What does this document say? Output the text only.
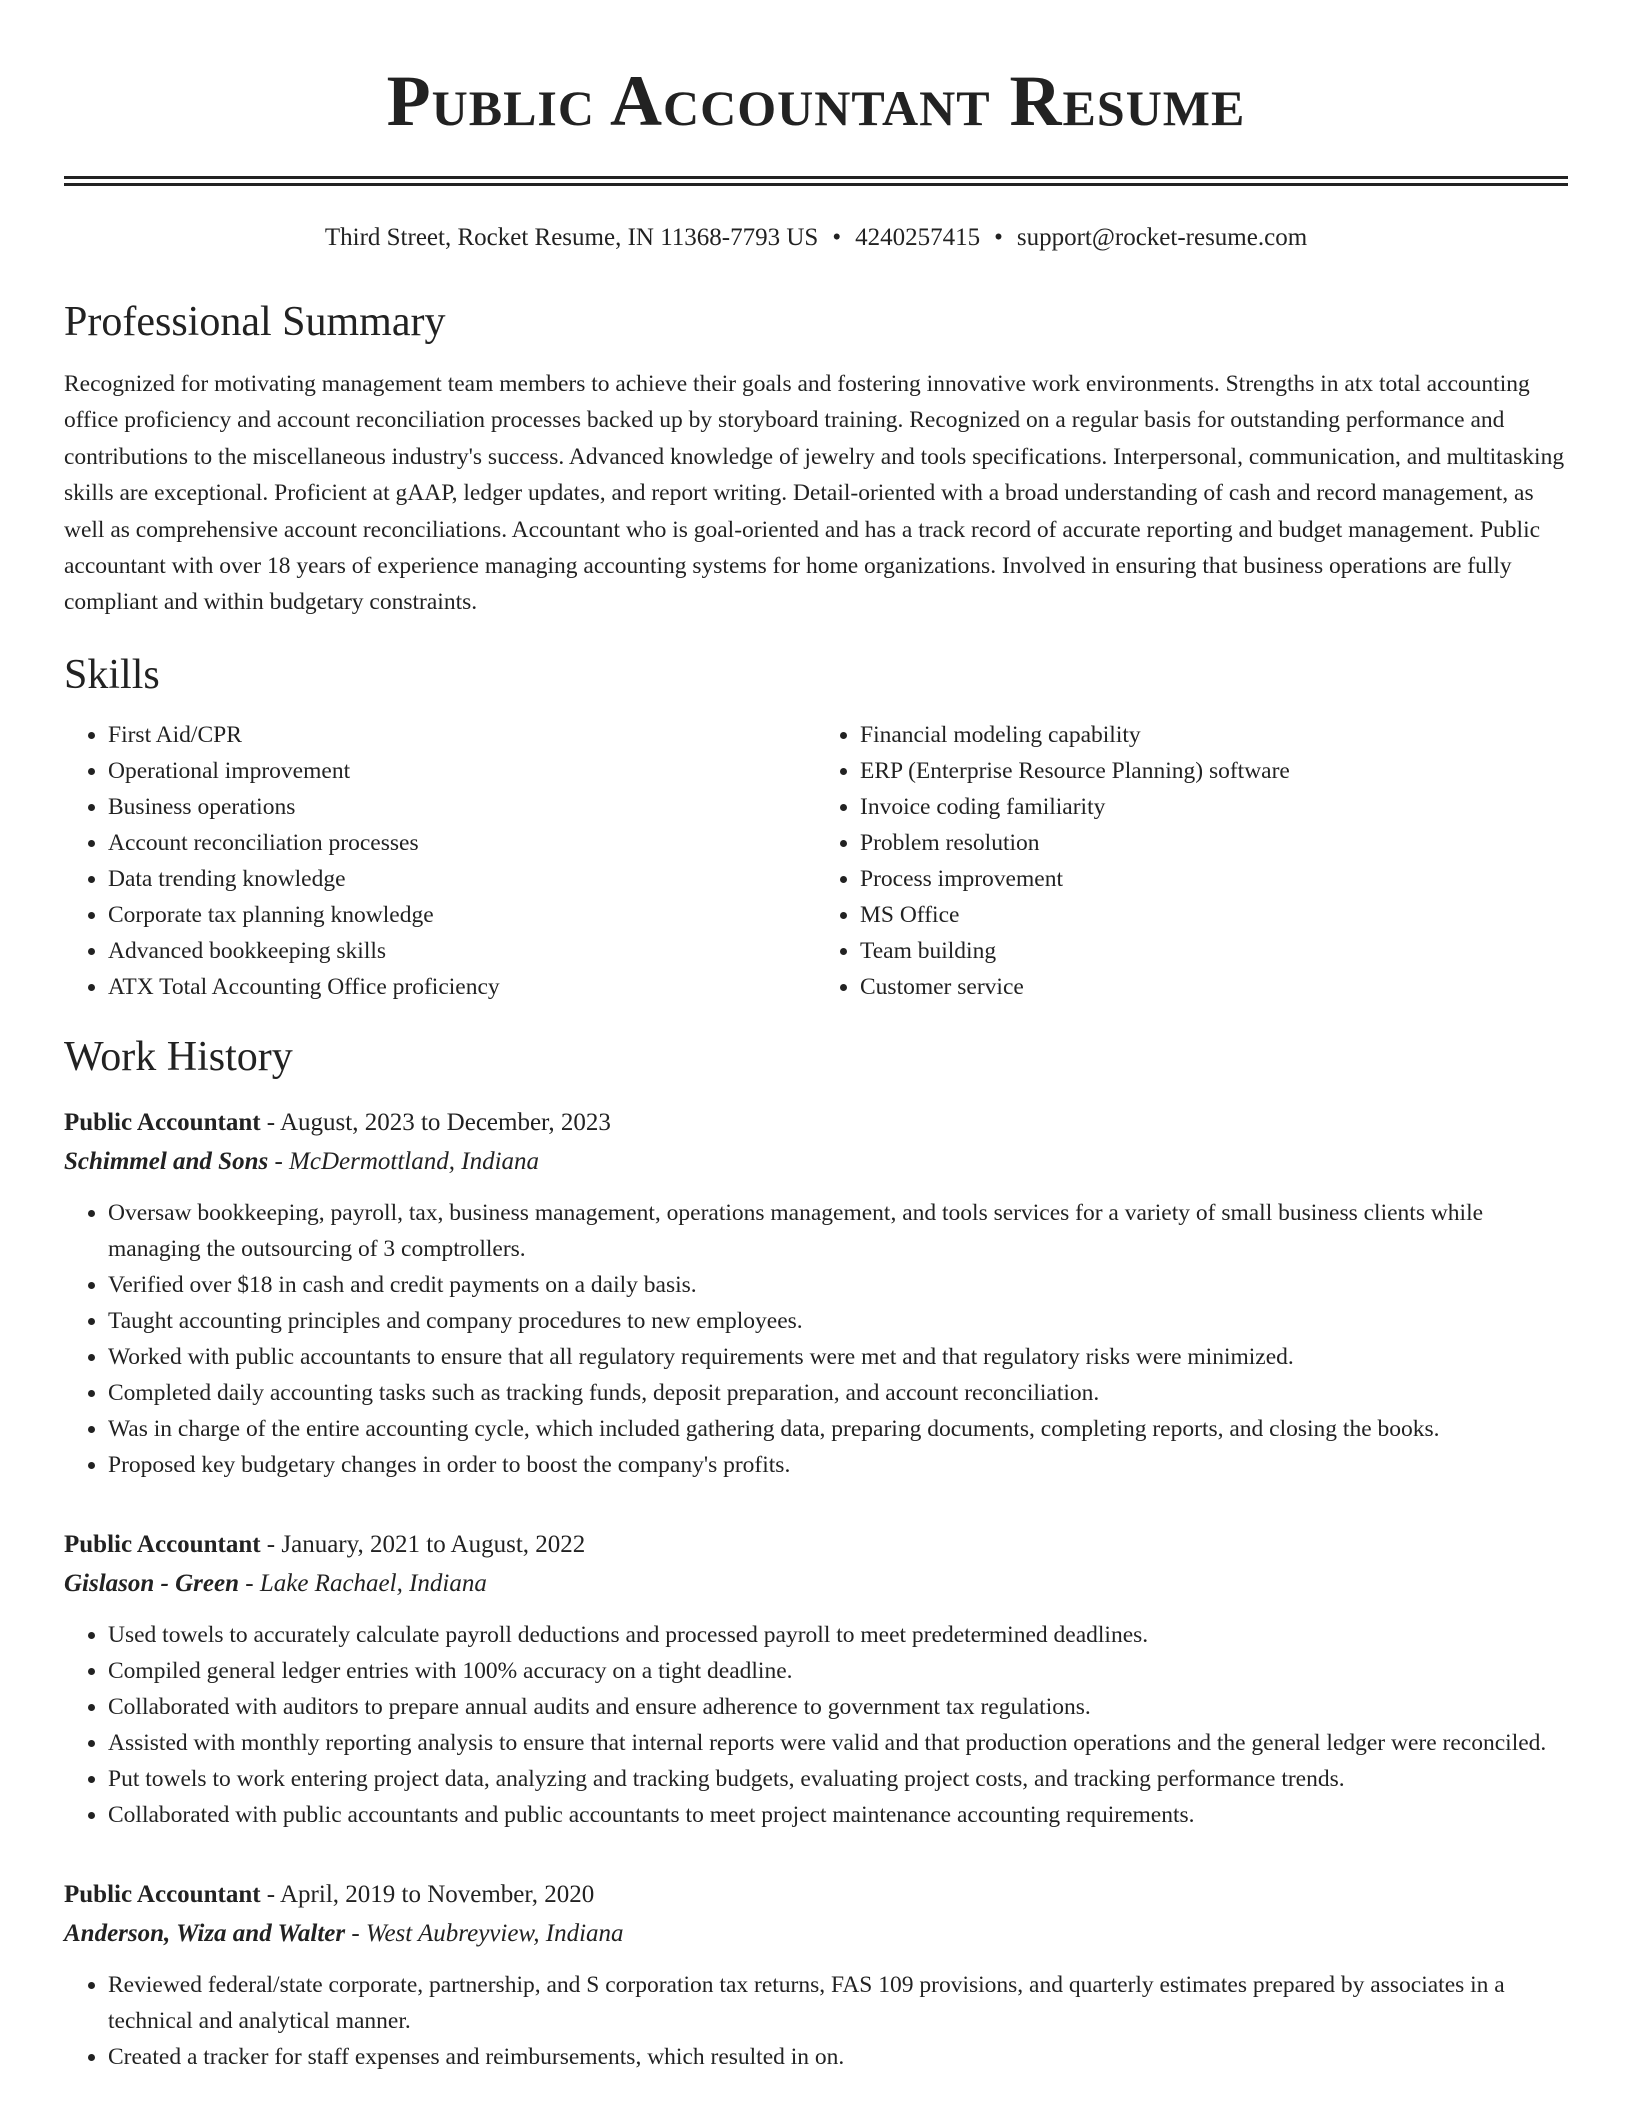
Public Accountant Resume
Third Street, Rocket Resume, IN 11368-7793 US • 4240257415 • support@rocket-resume.com
Professional Summary

Recognized for motivating management team members to achieve their goals and fostering innovative work environments. Strengths in atx total accounting office proficiency and account reconciliation processes backed up by storyboard training. Recognized on a regular basis for outstanding performance and contributions to the miscellaneous industry's success. Advanced knowledge of jewelry and tools specifications. Interpersonal, communication, and multitasking skills are exceptional. Proficient at gAAP, ledger updates, and report writing. Detail-oriented with a broad understanding of cash and record management, as well as comprehensive account reconciliations. Accountant who is goal-oriented and has a track record of accurate reporting and budget management. Public accountant with over 18 years of experience managing accounting systems for home organizations. Involved in ensuring that business operations are fully compliant and within budgetary constraints.

Skills
• First Aid/CPR
• Operational improvement
• Business operations
• Account reconciliation processes
• Data trending knowledge
• Corporate tax planning knowledge
• Advanced bookkeeping skills
• ATX Total Accounting Office proficiency
• Financial modeling capability
• ERP (Enterprise Resource Planning) software
• Invoice coding familiarity
• Problem resolution
• Process improvement
• MS Office
• Team building
• Customer service
Work History
Public Accountant - August, 2023 to December, 2023
Schimmel and Sons - McDermottland, Indiana
• Oversaw bookkeeping, payroll, tax, business management, operations management, and tools services for a variety of small business clients while managing the outsourcing of 3 comptrollers.
• Verified over $18 in cash and credit payments on a daily basis.
• Taught accounting principles and company procedures to new employees.
• Worked with public accountants to ensure that all regulatory requirements were met and that regulatory risks were minimized.
• Completed daily accounting tasks such as tracking funds, deposit preparation, and account reconciliation.
• Was in charge of the entire accounting cycle, which included gathering data, preparing documents, completing reports, and closing the books.
• Proposed key budgetary changes in order to boost the company's profits.
Public Accountant - January, 2021 to August, 2022
Gislason - Green - Lake Rachael, Indiana
• Used towels to accurately calculate payroll deductions and processed payroll to meet predetermined deadlines.
• Compiled general ledger entries with 100% accuracy on a tight deadline.
• Collaborated with auditors to prepare annual audits and ensure adherence to government tax regulations.
• Assisted with monthly reporting analysis to ensure that internal reports were valid and that production operations and the general ledger were reconciled.
• Put towels to work entering project data, analyzing and tracking budgets, evaluating project costs, and tracking performance trends.
• Collaborated with public accountants and public accountants to meet project maintenance accounting requirements.
Public Accountant - April, 2019 to November, 2020
Anderson, Wiza and Walter - West Aubreyview, Indiana
• Reviewed federal/state corporate, partnership, and S corporation tax returns, FAS 109 provisions, and quarterly estimates prepared by associates in a technical and analytical manner.
• Created a tracker for staff expenses and reimbursements, which resulted in on.
